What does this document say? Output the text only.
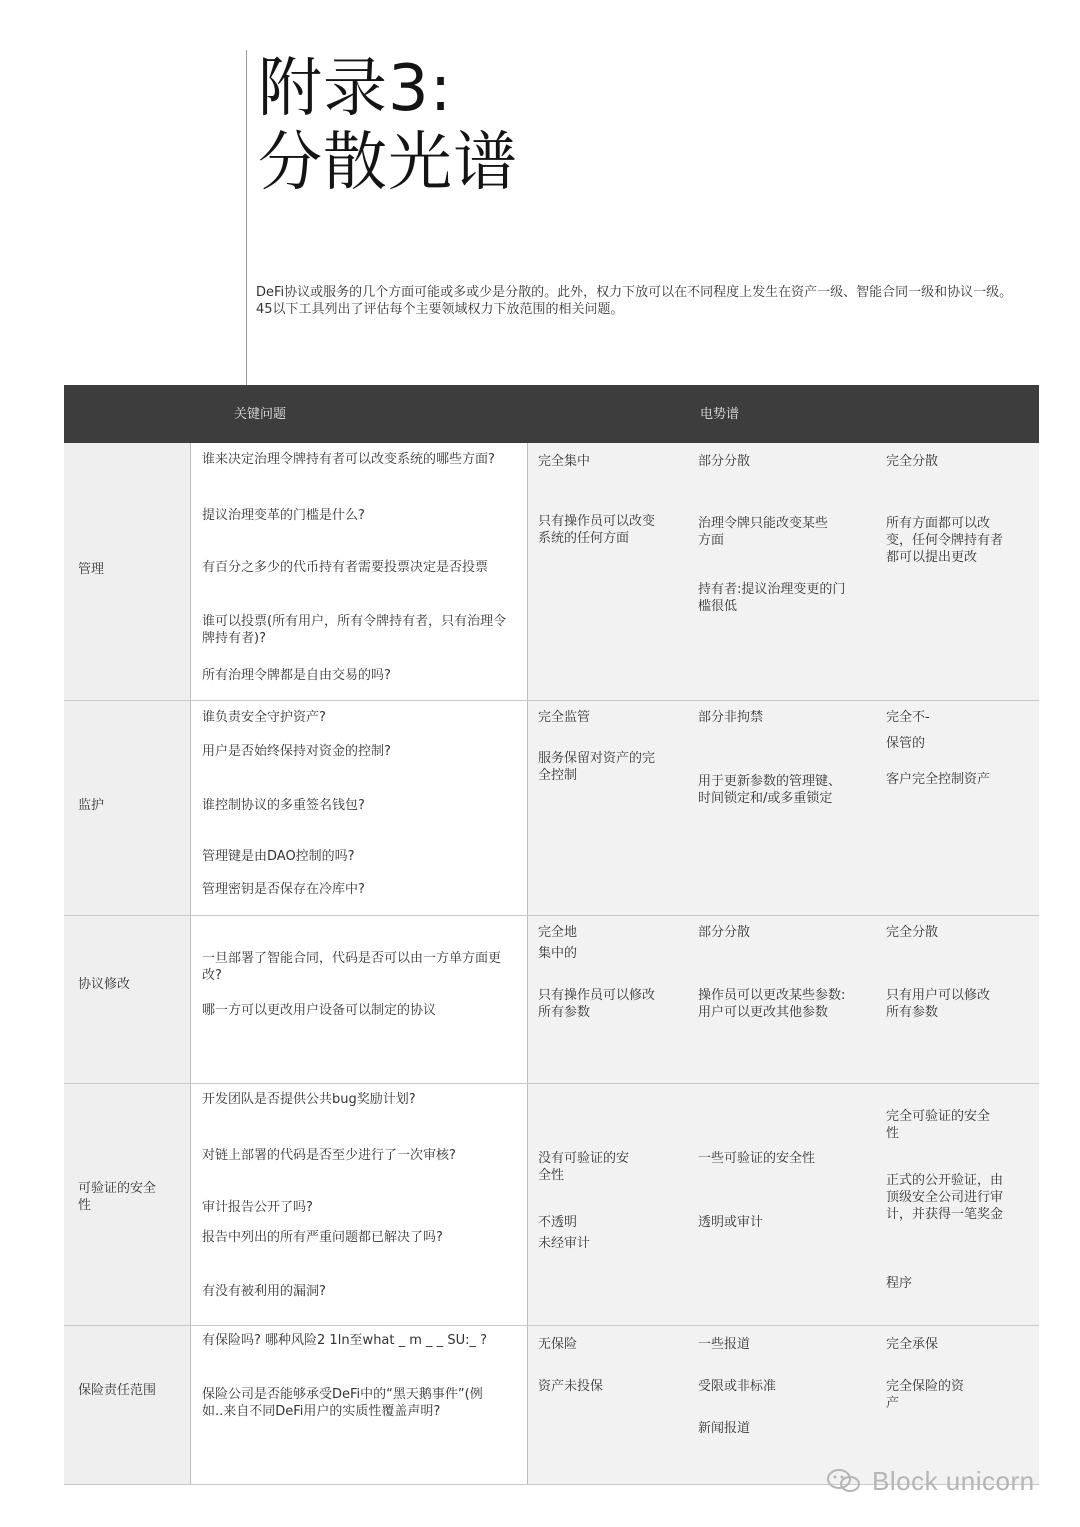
附录3:
分散光谱

DeFi协议或服务的几个方面可能或多或少是分散的。此外，权力下放可以在不同程度上发生在资产一级、智能合同一级和协议一级。45以下工具列出了评估每个主要领域权力下放范围的相关问题。

关键问题	电势谱
管理

谁来决定治理令牌持有者可以改变系统的哪些方面?

提议治理变革的门槛是什么?

有百分之多少的代币持有者需要投票决定是否投票

谁可以投票(所有用户，所有令牌持有者，只有治理令牌持有者)?

所有治理令牌都是自由交易的吗?

完全集中

只有操作员可以改变系统的任何方面

部分分散

治理令牌只能改变某些方面

持有者:提议治理变更的门槛很低

完全分散

所有方面都可以改变，任何令牌持有者都可以提出更改

监护

谁负责安全守护资产?

用户是否始终保持对资金的控制?

谁控制协议的多重签名钱包?

管理键是由DAO控制的吗?

管理密钥是否保存在冷库中?

完全监管

服务保留对资产的完全控制

部分非拘禁

用于更新参数的管理键、时间锁定和/或多重锁定

完全不-

保管的

客户完全控制资产

协议修改

一旦部署了智能合同，代码是否可以由一方单方面更改?

哪一方可以更改用户设备可以制定的协议

完全地

集中的

只有操作员可以修改所有参数

部分分散

操作员可以更改某些参数:用户可以更改其他参数

完全分散

只有用户可以修改所有参数

可验证的安全性

开发团队是否提供公共bug奖励计划?

对链上部署的代码是否至少进行了一次审核?

审计报告公开了吗?

报告中列出的所有严重问题都已解决了吗?

有没有被利用的漏洞?

没有可验证的安全性

不透明

未经审计

一些可验证的安全性

透明或审计

完全可验证的安全性

正式的公开验证，由顶级安全公司进行审计，并获得一笔奖金

程序

保险责任范围

有保险吗? 哪种风险2 1ln至what _ m _ _ SU:_ ?

保险公司是否能够承受DeFi中的“黑天鹅事件”(例如..来自不同DeFi用户的实质性覆盖声明?

无保险

资产未投保

一些报道

受限或非标准

新闻报道

完全承保

完全保险的资产

Block unicorn
